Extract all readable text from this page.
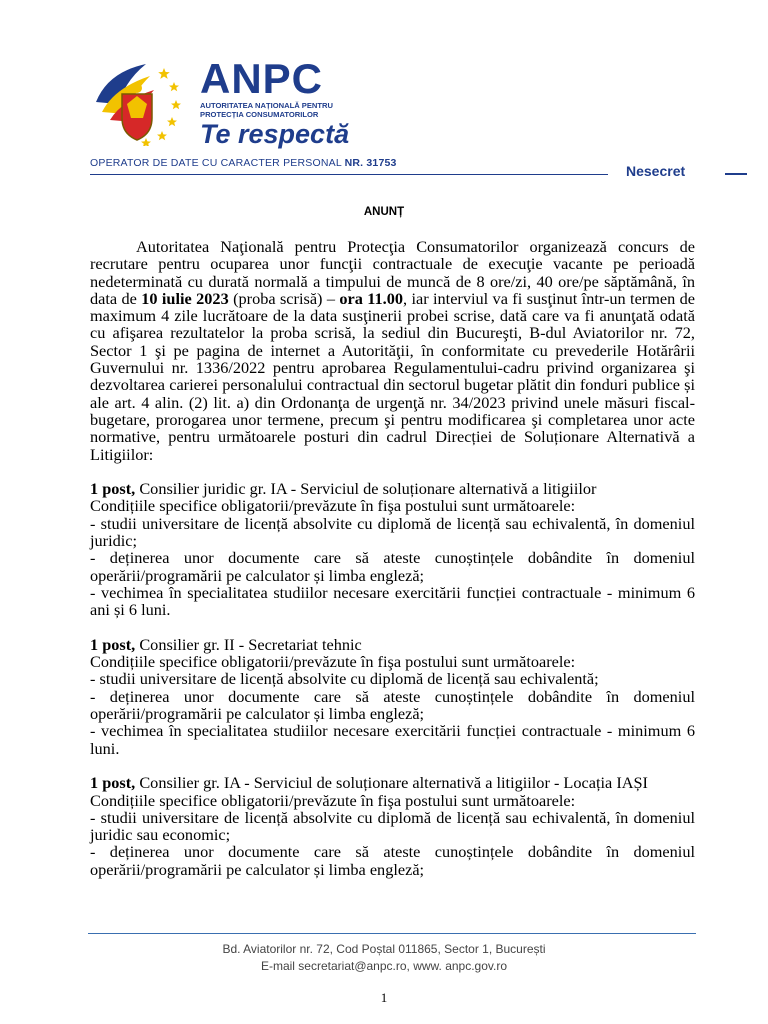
ANPC
AUTORITATEA NAȚIONALĂ PENTRU PROTECȚIA CONSUMATORILOR
Te respectă
OPERATOR DE DATE CU CARACTER PERSONAL NR. 31753	Nesecret
ANUNȚ

Autoritatea Naţională pentru Protecţia Consumatorilor organizează concurs de recrutare pentru ocuparea unor funcţii contractuale de execuţie vacante pe perioadă nedeterminată cu durată normală a timpului de muncă de 8 ore/zi, 40 ore/pe săptămână, în data de 10 iulie 2023 (proba scrisă) – ora 11.00, iar interviul va fi susţinut într-un termen de maximum 4 zile lucrătoare de la data susţinerii probei scrise, dată care va fi anunţată odată cu afişarea rezultatelor la proba scrisă, la sediul din Bucureşti, B-dul Aviatorilor nr. 72, Sector 1 şi pe pagina de internet a Autorităţii, în conformitate cu prevederile Hotărârii Guvernului nr. 1336/2022 pentru aprobarea Regulamentului-cadru privind organizarea şi dezvoltarea carierei personalului contractual din sectorul bugetar plătit din fonduri publice și ale art. 4 alin. (2) lit. a) din Ordonanţa de urgenţă nr. 34/2023 privind unele măsuri fiscal-bugetare, prorogarea unor termene, precum şi pentru modificarea şi completarea unor acte normative, pentru următoarele posturi din cadrul Direcției de Soluționare Alternativă a Litigiilor:

1 post, Consilier juridic gr. IA - Serviciul de soluționare alternativă a litigiilor

Condițiile specifice obligatorii/prevăzute în fişa postului sunt următoarele:

- studii universitare de licență absolvite cu diplomă de licență sau echivalentă, în domeniul juridic;

- deținerea unor documente care să ateste cunoștințele dobândite în domeniul operării/programării pe calculator și limba engleză;

- vechimea în specialitatea studiilor necesare exercitării funcției contractuale - minimum 6 ani și 6 luni.

1 post, Consilier gr. II - Secretariat tehnic

Condițiile specifice obligatorii/prevăzute în fişa postului sunt următoarele:

- studii universitare de licență absolvite cu diplomă de licență sau echivalentă;

- deținerea unor documente care să ateste cunoștințele dobândite în domeniul operării/programării pe calculator și limba engleză;

- vechimea în specialitatea studiilor necesare exercitării funcției contractuale - minimum 6 luni.

1 post, Consilier gr. IA - Serviciul de soluționare alternativă a litigiilor - Locația IAȘI

Condițiile specifice obligatorii/prevăzute în fişa postului sunt următoarele:

- studii universitare de licență absolvite cu diplomă de licență sau echivalentă, în domeniul juridic sau economic;

- deținerea unor documente care să ateste cunoștințele dobândite în domeniul operării/programării pe calculator și limba engleză;

Bd. Aviatorilor nr. 72, Cod Poștal 011865, Sector 1, București
E-mail secretariat@anpc.ro, www. anpc.gov.ro
1
